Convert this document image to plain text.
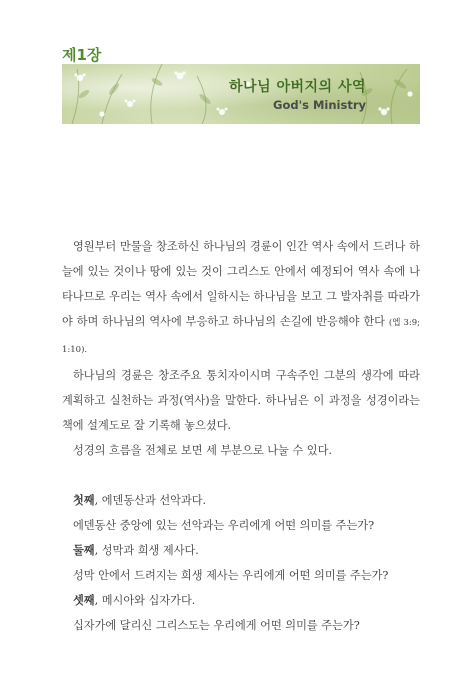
제1장
하나님 아버지의 사역
God's Ministry

영원부터 만물을 창조하신 하나님의 경륜이 인간 역사 속에서 드러나 하늘에 있는 것이나 땅에 있는 것이 그리스도 안에서 예정되어 역사 속에 나타나므로 우리는 역사 속에서 일하시는 하나님을 보고 그 발자취를 따라가야 하며 하나님의 역사에 부응하고 하나님의 손길에 반응해야 한다 (엡 3:9; 1:10).

하나님의 경륜은 창조주요 통치자이시며 구속주인 그분의 생각에 따라 계획하고 실천하는 과정(역사)을 말한다. 하나님은 이 과정을 성경이라는 책에 설계도로 잘 기록해 놓으셨다.

성경의 흐름을 전체로 보면 세 부분으로 나눌 수 있다.

첫째, 에덴동산과 선악과다.

에덴동산 중앙에 있는 선악과는 우리에게 어떤 의미를 주는가?

둘째, 성막과 희생 제사다.

성막 안에서 드려지는 희생 제사는 우리에게 어떤 의미를 주는가?

셋째, 메시아와 십자가다.

십자가에 달리신 그리스도는 우리에게 어떤 의미를 주는가?
